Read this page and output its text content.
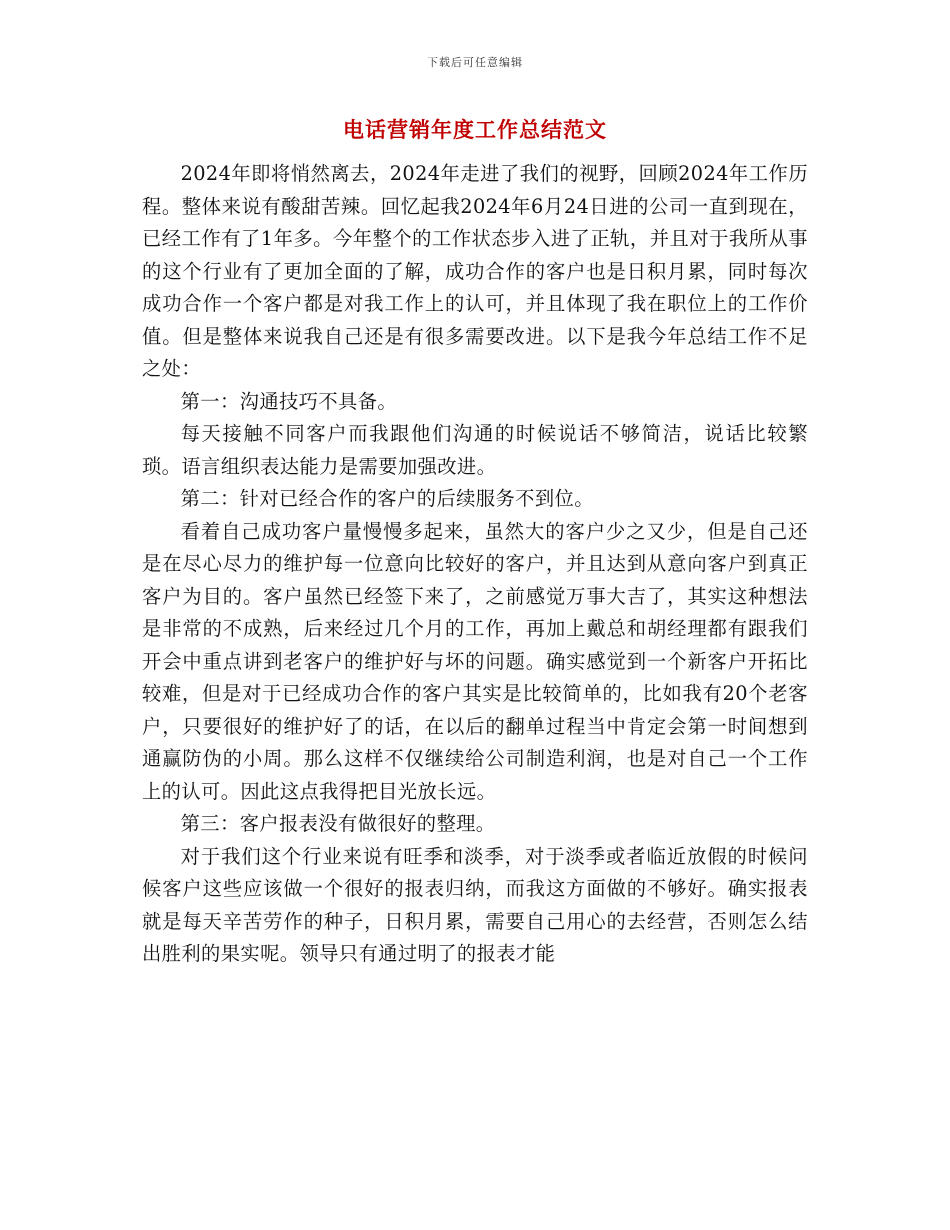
下载后可任意编辑
电话营销年度工作总结范文

2024年即将悄然离去，2024年走进了我们的视野，回顾2024年工作历程。整体来说有酸甜苦辣。回忆起我2024年6月24日进的公司一直到现在，已经工作有了1年多。今年整个的工作状态步入进了正轨，并且对于我所从事的这个行业有了更加全面的了解，成功合作的客户也是日积月累，同时每次成功合作一个客户都是对我工作上的认可，并且体现了我在职位上的工作价值。但是整体来说我自己还是有很多需要改进。以下是我今年总结工作不足之处：

第一：沟通技巧不具备。

每天接触不同客户而我跟他们沟通的时候说话不够简洁，说话比较繁琐。语言组织表达能力是需要加强改进。

第二：针对已经合作的客户的后续服务不到位。

看着自己成功客户量慢慢多起来，虽然大的客户少之又少，但是自己还是在尽心尽力的维护每一位意向比较好的客户，并且达到从意向客户到真正客户为目的。客户虽然已经签下来了，之前感觉万事大吉了，其实这种想法是非常的不成熟，后来经过几个月的工作，再加上戴总和胡经理都有跟我们开会中重点讲到老客户的维护好与坏的问题。确实感觉到一个新客户开拓比较难，但是对于已经成功合作的客户其实是比较简单的，比如我有20个老客户，只要很好的维护好了的话，在以后的翻单过程当中肯定会第一时间想到通赢防伪的小周。那么这样不仅继续给公司制造利润，也是对自己一个工作上的认可。因此这点我得把目光放长远。

第三：客户报表没有做很好的整理。

对于我们这个行业来说有旺季和淡季，对于淡季或者临近放假的时候问候客户这些应该做一个很好的报表归纳，而我这方面做的不够好。确实报表就是每天辛苦劳作的种子，日积月累，需要自己用心的去经营，否则怎么结出胜利的果实呢。领导只有通过明了的报表才能
